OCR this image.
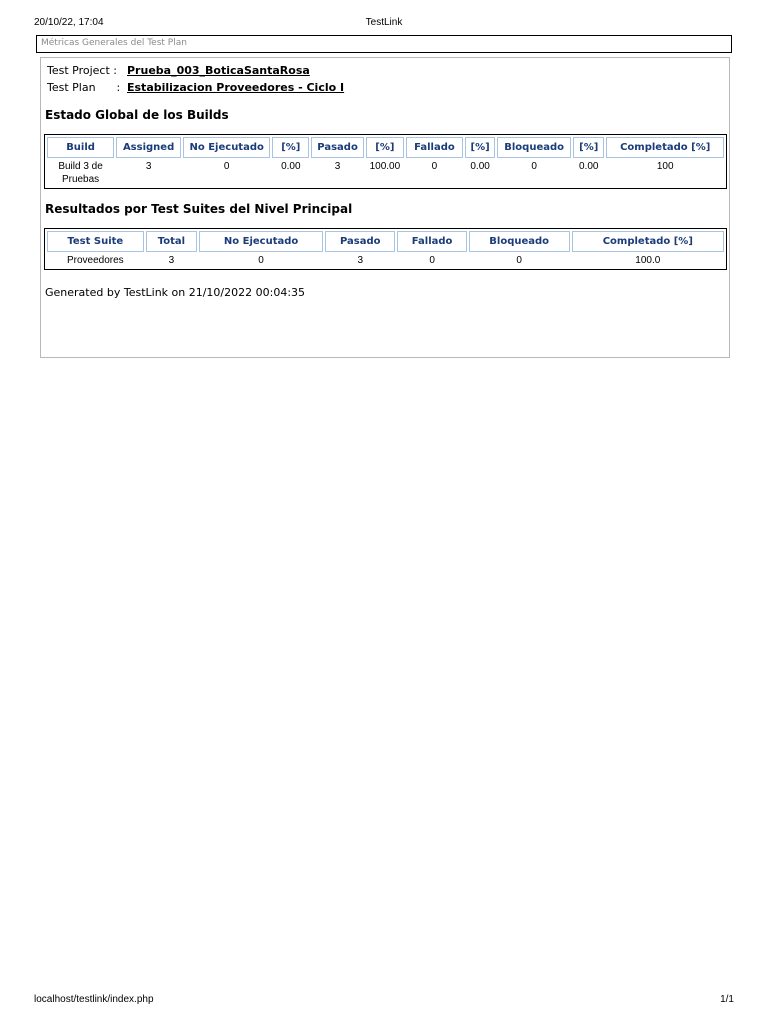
20/10/22, 17:04	TestLink
Métricas Generales del Test Plan
Test Project : Prueba_003_BoticaSantaRosa
Test Plan      : Estabilizacion Proveedores - Ciclo I
Estado Global de los Builds
Build	Assigned	No Ejecutado	[%]	Pasado	[%]	Fallado	[%]	Bloqueado	[%]	Completado [%]
Build 3 de Pruebas	3	0	0.00	3	100.00	0	0.00	0	0.00	100
Resultados por Test Suites del Nivel Principal
Test Suite	Total	No Ejecutado	Pasado	Fallado	Bloqueado	Completado [%]
Proveedores	3	0	3	0	0	100.0
Generated by TestLink on 21/10/2022 00:04:35
localhost/testlink/index.php	1/1
